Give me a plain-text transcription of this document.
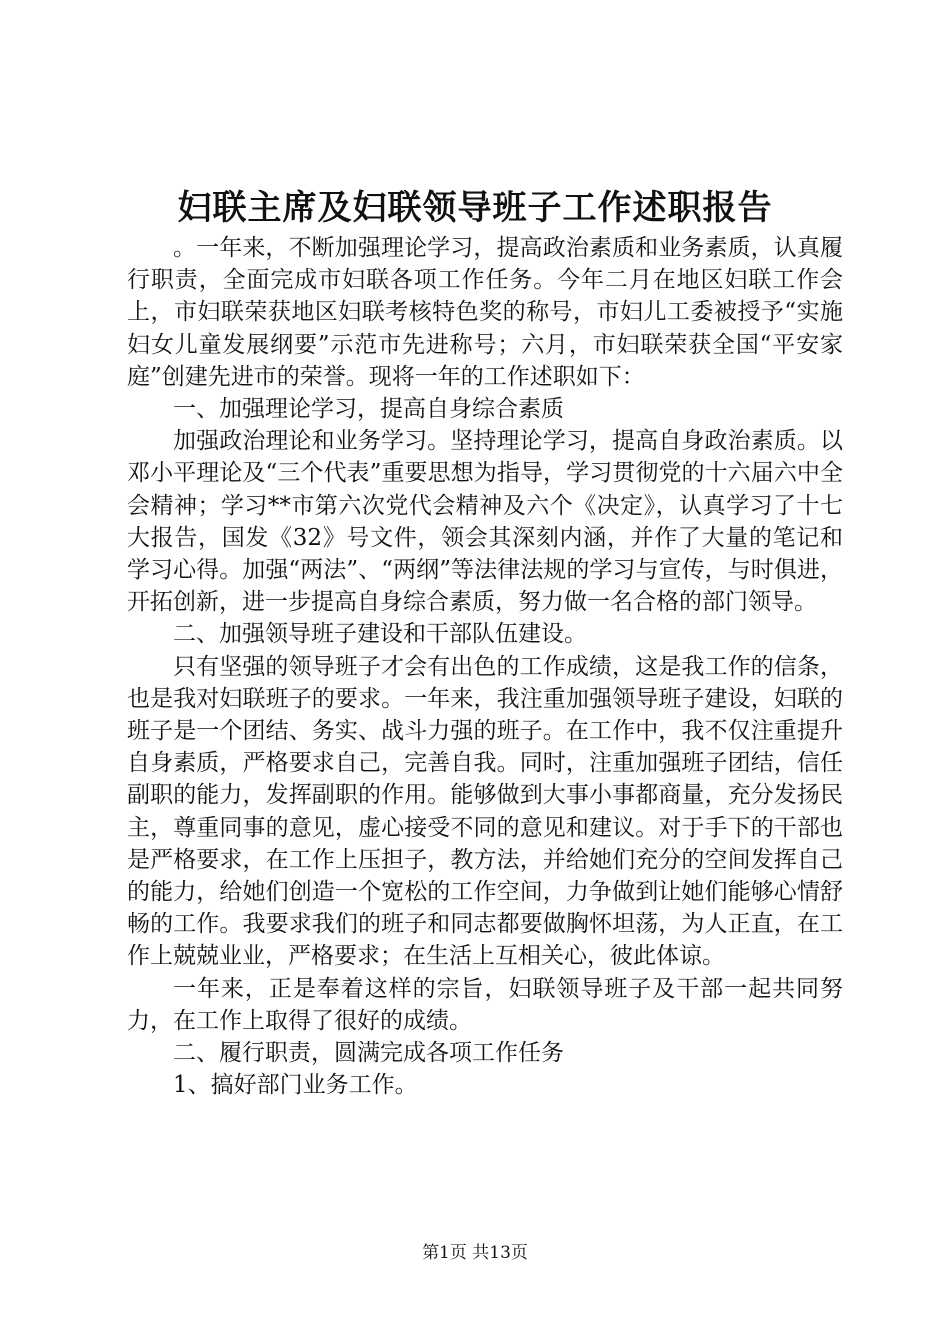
妇联主席及妇联领导班子工作述职报告

。一年来，不断加强理论学习，提高政治素质和业务素质，认真履行职责，全面完成市妇联各项工作任务。今年二月在地区妇联工作会上，市妇联荣获地区妇联考核特色奖的称号，市妇儿工委被授予“实施妇女儿童发展纲要”示范市先进称号；六月，市妇联荣获全国“平安家庭”创建先进市的荣誉。现将一年的工作述职如下：

一、加强理论学习，提高自身综合素质

加强政治理论和业务学习。坚持理论学习，提高自身政治素质。以邓小平理论及“三个代表”重要思想为指导，学习贯彻党的十六届六中全会精神；学习**市第六次党代会精神及六个《决定》，认真学习了十七大报告，国发《32》号文件，领会其深刻内涵，并作了大量的笔记和学习心得。加强“两法”、“两纲”等法律法规的学习与宣传，与时俱进，开拓创新，进一步提高自身综合素质，努力做一名合格的部门领导。

二、加强领导班子建设和干部队伍建设。

只有坚强的领导班子才会有出色的工作成绩，这是我工作的信条，也是我对妇联班子的要求。一年来，我注重加强领导班子建设，妇联的班子是一个团结、务实、战斗力强的班子。在工作中，我不仅注重提升自身素质，严格要求自己，完善自我。同时，注重加强班子团结，信任副职的能力，发挥副职的作用。能够做到大事小事都商量，充分发扬民主，尊重同事的意见，虚心接受不同的意见和建议。对于手下的干部也是严格要求，在工作上压担子，教方法，并给她们充分的空间发挥自己的能力，给她们创造一个宽松的工作空间，力争做到让她们能够心情舒畅的工作。我要求我们的班子和同志都要做胸怀坦荡，为人正直，在工作上兢兢业业，严格要求；在生活上互相关心，彼此体谅。

一年来，正是奉着这样的宗旨，妇联领导班子及干部一起共同努力，在工作上取得了很好的成绩。

二、履行职责，圆满完成各项工作任务

1、搞好部门业务工作。

第1页 共13页
